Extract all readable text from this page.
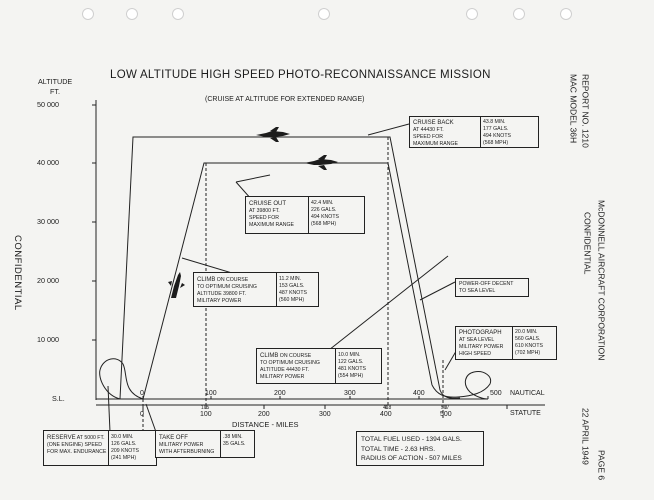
LOW ALTITUDE HIGH SPEED PHOTO-RECONNAISSANCE MISSION
(CRUISE AT ALTITUDE FOR EXTENDED RANGE)
ALTITUDE
FT.
50 000
40 000
30 000
20 000
10 000
S.L.
CONFIDENTIAL
0	100	200	300	400	500 NAUTICAL
0	100	200	300	400	500	STATUTE
105	418	507
DISTANCE - MILES
CRUISE BACK
AT 44430 FT.
SPEED FOR
MAXIMUM RANGE
43.8 MIN.
177 GALS.
494 KNOTS
(568 MPH)
CRUISE OUT
AT 39800 FT.
SPEED FOR
MAXIMUM RANGE
42.4 MIN.
226 GALS.
494 KNOTS
(568 MPH)
CLIMB ON COURSE
TO OPTIMUM CRUISING
ALTITUDE 39800 FT.
MILITARY POWER
11.2 MIN.
153 GALS.
487 KNOTS
(560 MPH)
POWER-OFF DECENT
TO SEA LEVEL
PHOTOGRAPH
AT SEA LEVEL
MILITARY POWER
HIGH SPEED
20.0 MIN.
560 GALS.
610 KNOTS
(702 MPH)
CLIMB ON COURSE
TO OPTIMUM CRUISING
ALTITUDE 44430 FT.
MILITARY POWER
10.0 MIN.
122 GALS.
481 KNOTS
(554 MPH)
RESERVE AT 5000 FT.
(ONE ENGINE) SPEED
FOR MAX. ENDURANCE
30.0 MIN.
126 GALS.
209 KNOTS
(241 MPH)
TAKE OFF
MILITARY POWER
WITH AFTERBURNING
.38 MIN.
35 GALS.
TOTAL FUEL USED - 1394 GALS.
TOTAL TIME - 2.63 HRS.
RADIUS OF ACTION - 507 MILES
MAC MODEL 36H REPORT NO. 1210
McDONNELL AIRCRAFT CORPORATION
CONFIDENTIAL
22 APRIL 1949
PAGE 6
